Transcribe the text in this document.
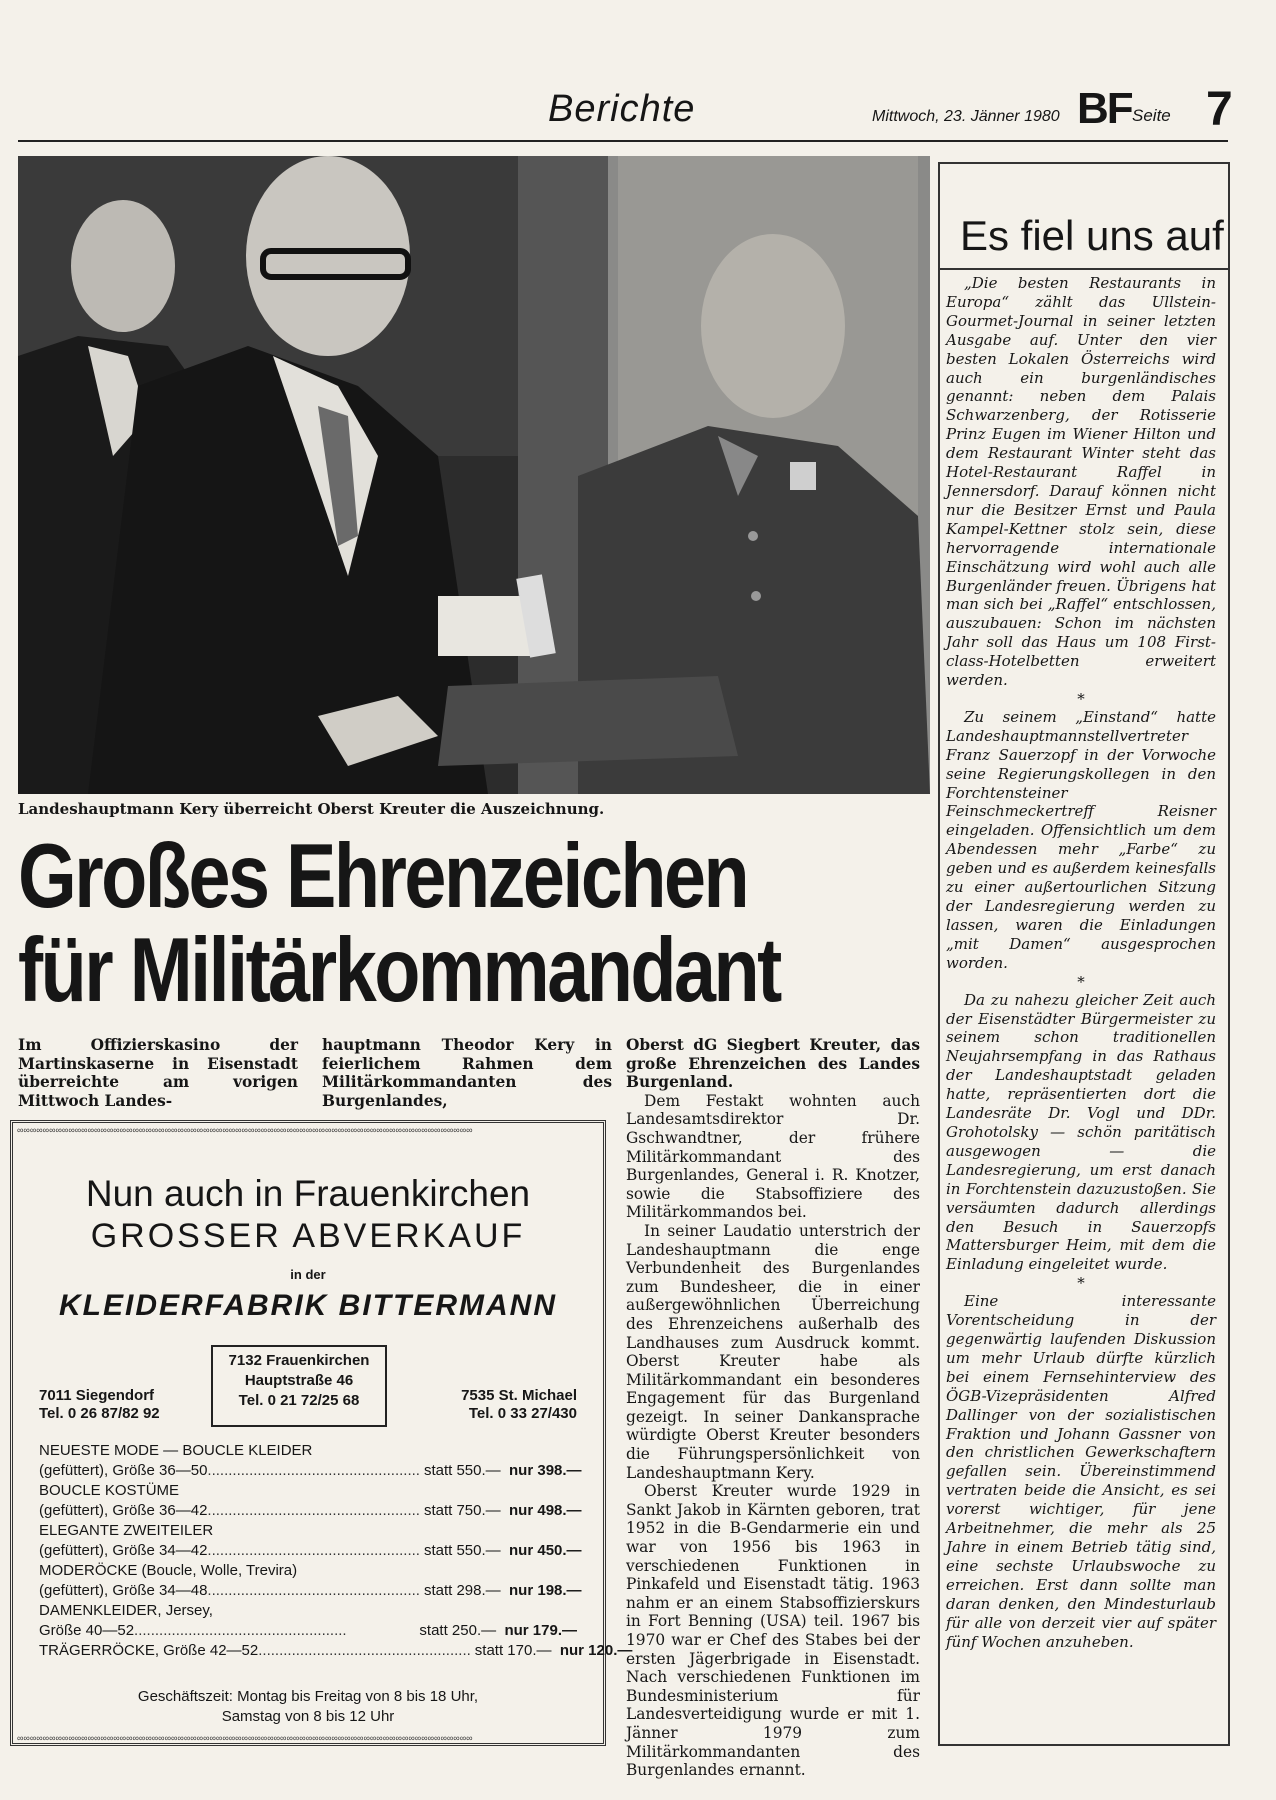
Berichte	Mittwoch, 23. Jänner 1980 BF Seite 7
Landeshauptmann Kery überreicht Oberst Kreuter die Auszeichnung.
Großes Ehrenzeichen
für Militärkommandant

Im Offizierskasino der Martinskaserne in Eisenstadt überreichte am vorigen Mittwoch Landes-

hauptmann Theodor Kery in feierlichem Rahmen dem Militärkommandanten des Burgenlandes,

Oberst dG Siegbert Kreuter, das große Ehrenzeichen des Landes Burgenland.

Dem Festakt wohnten auch Landesamtsdirektor Dr. Gschwandtner, der frühere Militärkommandant des Burgenlandes, General i. R. Knotzer, sowie die Stabsoffiziere des Militärkommandos bei.

In seiner Laudatio unterstrich der Landeshauptmann die enge Verbundenheit des Burgenlandes zum Bundesheer, die in einer außergewöhnlichen Überreichung des Ehrenzeichens außerhalb des Landhauses zum Ausdruck kommt. Oberst Kreuter habe als Militärkommandant ein besonderes Engagement für das Burgenland gezeigt. In seiner Dankansprache würdigte Oberst Kreuter besonders die Führungspersönlichkeit von Landeshauptmann Kery.

Oberst Kreuter wurde 1929 in Sankt Jakob in Kärnten geboren, trat 1952 in die B-Gendarmerie ein und war von 1956 bis 1963 in verschiedenen Funktionen in Pinkafeld und Eisenstadt tätig. 1963 nahm er an einem Stabsoffizierskurs in Fort Benning (USA) teil. 1967 bis 1970 war er Chef des Stabes bei der ersten Jägerbrigade in Eisenstadt. Nach verschiedenen Funktionen im Bundesministerium für Landesverteidigung wurde er mit 1. Jänner 1979 zum Militärkommandanten des Burgenlandes ernannt.

∞∞∞∞∞∞∞∞∞∞∞∞∞∞∞∞∞∞∞∞∞∞∞∞∞∞∞∞∞∞∞∞∞∞∞∞∞∞∞∞∞∞∞∞∞∞∞∞∞∞∞∞∞∞∞∞∞∞∞∞∞∞∞∞∞∞∞∞∞∞∞
∞∞∞∞∞∞∞∞∞∞∞∞∞∞∞∞∞∞∞∞∞∞∞∞∞∞∞∞∞∞∞∞∞∞∞∞∞∞∞∞∞∞∞∞∞∞∞∞∞∞∞∞∞∞∞∞∞∞∞∞∞∞∞∞∞∞∞∞∞∞∞
Nun auch in Frauenkirchen
GROSSER ABVERKAUF
in der
KLEIDERFABRIK BITTERMANN
7132 Frauenkirchen
Hauptstraße 46
Tel. 0 21 72/25 68
7011 Siegendorf
Tel. 0 26 87/82 92
7535 St. Michael
Tel. 0 33 27/430
NEUESTE MODE — BOUCLE KLEIDER
(gefüttert), Größe 36—50 ................................................... statt 550.— nur 398.—
BOUCLE KOSTÜME
(gefüttert), Größe 36—42 ................................................... statt 750.— nur 498.—
ELEGANTE ZWEITEILER
(gefüttert), Größe 34—42 ................................................... statt 550.— nur 450.—
MODERÖCKE (Boucle, Wolle, Trevira)
(gefüttert), Größe 34—48 ................................................... statt 298.— nur 198.—
DAMENKLEIDER, Jersey,
Größe 40—52 ...................................................	statt 250.— nur 179.—
TRÄGERRÖCKE, Größe 42—52 ................................................... statt 170.— nur 120.—
Geschäftszeit: Montag bis Freitag von 8 bis 18 Uhr,
Samstag von 8 bis 12 Uhr
Es fiel uns auf

„Die besten Restaurants in Europa“ zählt das Ullstein-Gourmet-Journal in seiner letzten Ausgabe auf. Unter den vier besten Lokalen Österreichs wird auch ein burgenländisches genannt: neben dem Palais Schwarzenberg, der Rotisserie Prinz Eugen im Wiener Hilton und dem Restaurant Winter steht das Hotel-Restaurant Raffel in Jennersdorf. Darauf können nicht nur die Besitzer Ernst und Paula Kampel-Kettner stolz sein, diese hervorragende internationale Einschätzung wird wohl auch alle Burgenländer freuen. Übrigens hat man sich bei „Raffel“ entschlossen, auszubauen: Schon im nächsten Jahr soll das Haus um 108 First-class-Hotelbetten erweitert werden.

*

Zu seinem „Einstand“ hatte Landeshauptmannstellvertreter Franz Sauerzopf in der Vorwoche seine Regierungskollegen in den Forchtensteiner Feinschmeckertreff Reisner eingeladen. Offensichtlich um dem Abendessen mehr „Farbe“ zu geben und es außerdem keinesfalls zu einer außertourlichen Sitzung der Landesregierung werden zu lassen, waren die Einladungen „mit Damen“ ausgesprochen worden.

*

Da zu nahezu gleicher Zeit auch der Eisenstädter Bürgermeister zu seinem schon traditionellen Neujahrsempfang in das Rathaus der Landeshauptstadt geladen hatte, repräsentierten dort die Landesräte Dr. Vogl und DDr. Grohotolsky — schön paritätisch ausgewogen — die Landesregierung, um erst danach in Forchtenstein dazuzustoßen. Sie versäumten dadurch allerdings den Besuch in Sauerzopfs Mattersburger Heim, mit dem die Einladung eingeleitet wurde.

*

Eine interessante Vorentscheidung in der gegenwärtig laufenden Diskussion um mehr Urlaub dürfte kürzlich bei einem Fernsehinterview des ÖGB-Vizepräsidenten Alfred Dallinger von der sozialistischen Fraktion und Johann Gassner von den christlichen Gewerkschaftern gefallen sein. Übereinstimmend vertraten beide die Ansicht, es sei vorerst wichtiger, für jene Arbeitnehmer, die mehr als 25 Jahre in einem Betrieb tätig sind, eine sechste Urlaubswoche zu erreichen. Erst dann sollte man daran denken, den Mindesturlaub für alle von derzeit vier auf später fünf Wochen anzuheben.
